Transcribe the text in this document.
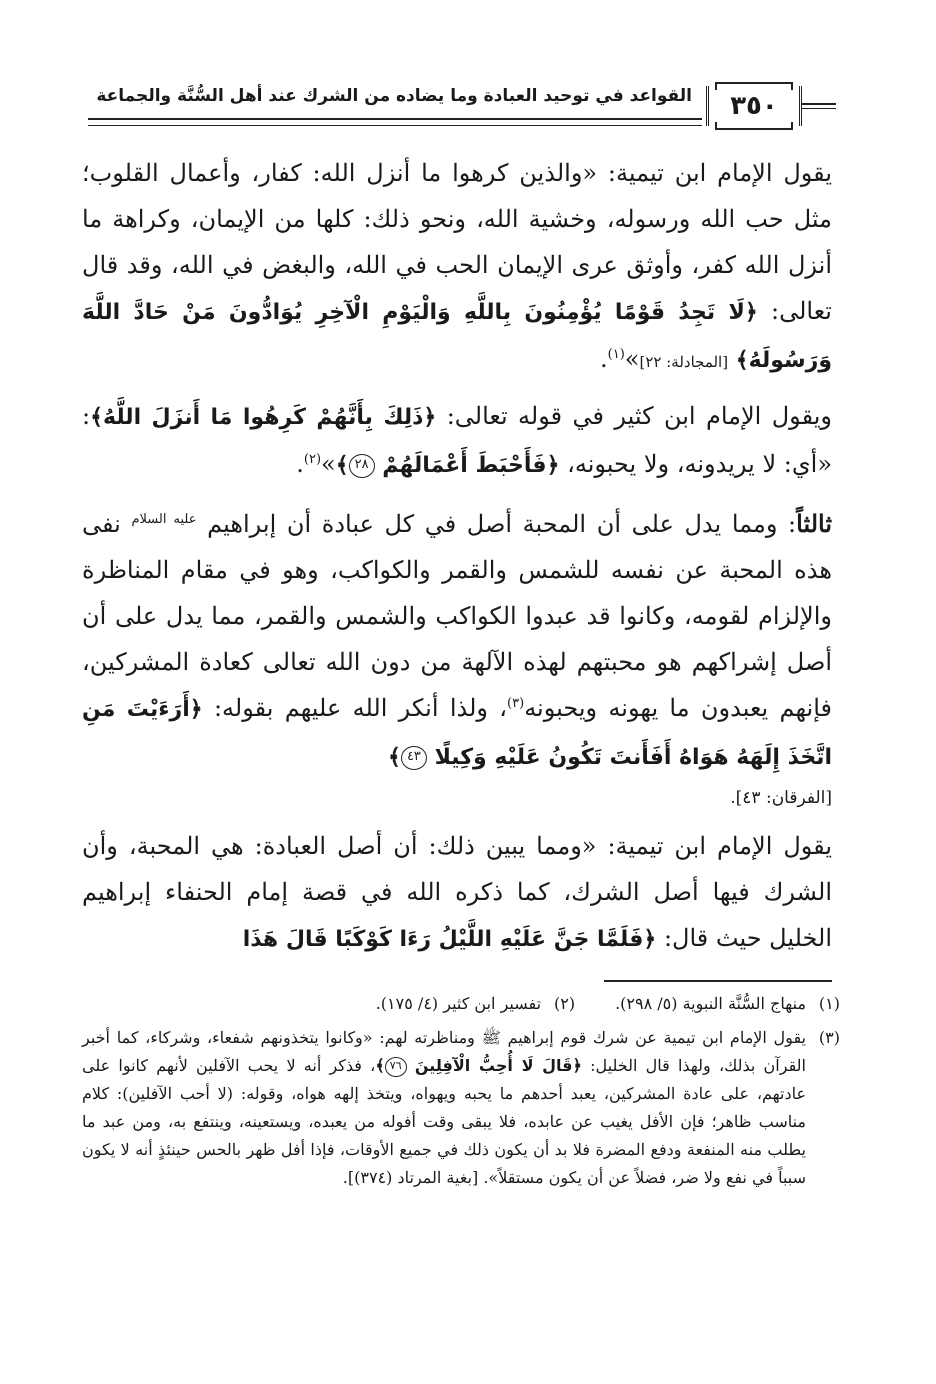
٣٥٠
القواعد في توحيد العبادة وما يضاده من الشرك عند أهل السُّنَّة والجماعة

يقول الإمام ابن تيمية: «والذين كرهوا ما أنزل الله: كفار، وأعمال القلوب؛ مثل حب الله ورسوله، وخشية الله، ونحو ذلك: كلها من الإيمان، وكراهة ما أنزل الله كفر، وأوثق عرى الإيمان الحب في الله، والبغض في الله، وقد قال تعالى: ﴿لَا تَجِدُ قَوْمًا يُؤْمِنُونَ بِاللَّهِ وَالْيَوْمِ الْآخِرِ يُوَادُّونَ مَنْ حَادَّ اللَّهَ وَرَسُولَهُ﴾ [المجادلة: ٢٢]»$^{(١)}$.

ويقول الإمام ابن كثير في قوله تعالى: ﴿ذَلِكَ بِأَنَّهُمْ كَرِهُوا مَا أَنزَلَ اللَّهُ﴾: «أي: لا يريدونه، ولا يحبونه، ﴿فَأَحْبَطَ أَعْمَالَهُمْ ٢٨﴾»$^{(٢)}$.

ثالثاً: ومما يدل على أن المحبة أصل في كل عبادة أن إبراهيم $^{عليه السلام}$ نفى هذه المحبة عن نفسه للشمس والقمر والكواكب، وهو في مقام المناظرة والإلزام لقومه، وكانوا قد عبدوا الكواكب والشمس والقمر، مما يدل على أن أصل إشراكهم هو محبتهم لهذه الآلهة من دون الله تعالى كعادة المشركين، فإنهم يعبدون ما يهونه ويحبونه$^{(٣)}$، ولذا أنكر الله عليهم بقوله: ﴿أَرَءَيْتَ مَنِ اتَّخَذَ إِلَهَهُ هَوَاهُ أَفَأَنتَ تَكُونُ عَلَيْهِ وَكِيلًا ٤٣﴾

[الفرقان: ٤٣].

يقول الإمام ابن تيمية: «ومما يبين ذلك: أن أصل العبادة: هي المحبة، وأن الشرك فيها أصل الشرك، كما ذكره الله في قصة إمام الحنفاء إبراهيم الخليل حيث قال: ﴿فَلَمَّا جَنَّ عَلَيْهِ اللَّيْلُ رَءَا كَوْكَبًا قَالَ هَذَا

(١)
منهاج السُّنَّة النبوية (٥/ ٢٩٨).
(٢)
تفسير ابن كثير (٤/ ١٧٥).
(٣)
يقول الإمام ابن تيمية عن شرك قوم إبراهيم ﷺ ومناظرته لهم: «وكانوا يتخذونهم شفعاء، وشركاء، كما أخبر القرآن بذلك، ولهذا قال الخليل: ﴿قَالَ لَا أُحِبُّ الْآفِلِينَ ٧٦﴾، فذكر أنه لا يحب الآفلين لأنهم كانوا على عادتهم، على عادة المشركين، يعبد أحدهم ما يحبه ويهواه، ويتخذ إلهه هواه، وقوله: (لا أحب الآفلين): كلام مناسب ظاهر؛ فإن الأفل يغيب عن عابده، فلا يبقى وقت أفوله من يعبده، ويستعينه، وينتفع به، ومن عبد ما يطلب منه المنفعة ودفع المضرة فلا بد أن يكون ذلك في جميع الأوقات، فإذا أفل ظهر بالحس حينئذٍ أنه لا يكون سبباً في نفع ولا ضر، فضلاً عن أن يكون مستقلاً». [بغية المرتاد (٣٧٤)].
